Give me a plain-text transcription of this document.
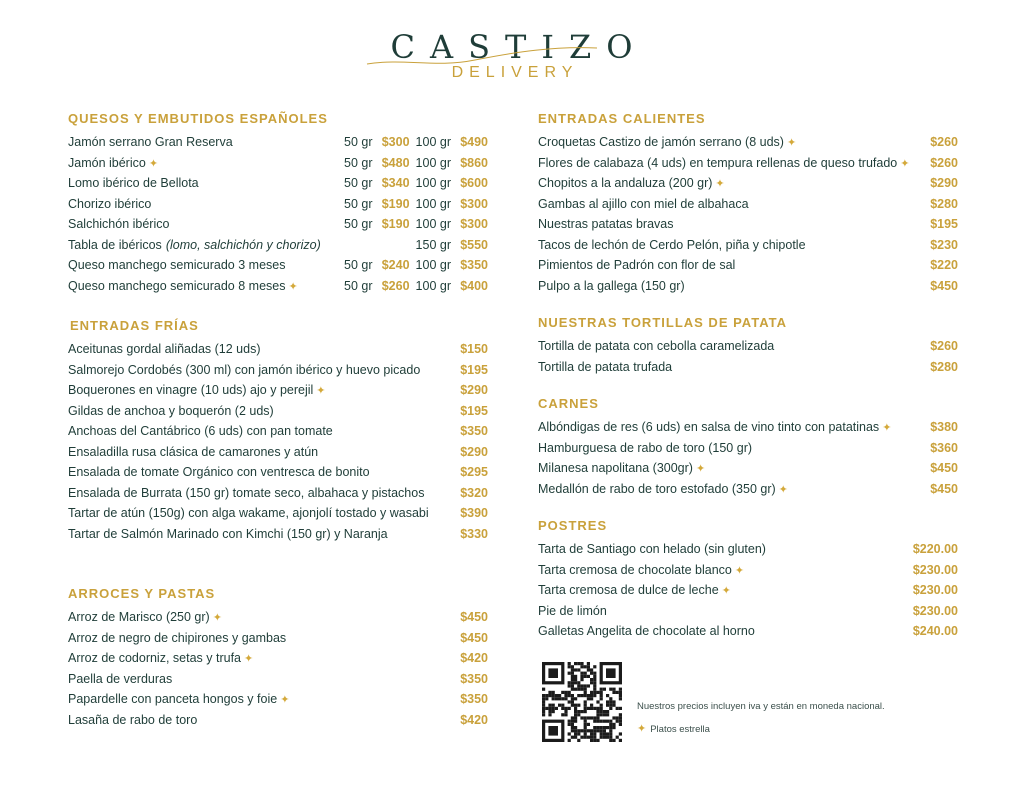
CASTIZO
DELIVERY
QUESOS Y EMBUTIDOS ESPAÑOLES
Jamón serrano Gran Reserva	50 gr $300 100 gr $490
Jamón ibérico ✦	50 gr $480 100 gr $860
Lomo ibérico de Bellota	50 gr $340 100 gr $600
Chorizo ibérico	50 gr $190 100 gr $300
Salchichón ibérico	50 gr $190 100 gr $300
Tabla de ibéricos (lomo, salchichón y chorizo)	150 gr $550
Queso manchego semicurado 3 meses	50 gr $240 100 gr $350
Queso manchego semicurado 8 meses ✦	50 gr $260 100 gr $400
ENTRADAS FRÍAS
Aceitunas gordal aliñadas (12 uds)	$150
Salmorejo Cordobés (300 ml) con jamón ibérico y huevo picado	$195
Boquerones en vinagre (10 uds) ajo y perejil ✦	$290
Gildas de anchoa y boquerón (2 uds)	$195
Anchoas del Cantábrico (6 uds) con pan tomate	$350
Ensaladilla rusa clásica de camarones y atún	$290
Ensalada de tomate Orgánico con ventresca de bonito	$295
Ensalada de Burrata (150 gr) tomate seco, albahaca y pistachos	$320
Tartar de atún (150g) con alga wakame, ajonjolí tostado y wasabi	$390
Tartar de Salmón Marinado con Kimchi (150 gr) y Naranja	$330
ARROCES Y PASTAS
Arroz de Marisco (250 gr) ✦	$450
Arroz de negro de chipirones y gambas	$450
Arroz de codorniz, setas y trufa ✦	$420
Paella de verduras	$350
Papardelle con panceta hongos y foie ✦	$350
Lasaña de rabo de toro	$420
ENTRADAS CALIENTES
Croquetas Castizo de jamón serrano (8 uds) ✦	$260
Flores de calabaza (4 uds) en tempura rellenas de queso trufado ✦	$260
Chopitos a la andaluza (200 gr) ✦	$290
Gambas al ajillo con miel de albahaca	$280
Nuestras patatas bravas	$195
Tacos de lechón de Cerdo Pelón, piña y chipotle	$230
Pimientos de Padrón con flor de sal	$220
Pulpo a la gallega (150 gr)	$450
NUESTRAS TORTILLAS DE PATATA
Tortilla de patata con cebolla caramelizada	$260
Tortilla de patata trufada	$280
CARNES
Albóndigas de res (6 uds) en salsa de vino tinto con patatinas ✦	$380
Hamburguesa de rabo de toro (150 gr)	$360
Milanesa napolitana (300gr) ✦	$450
Medallón de rabo de toro estofado (350 gr) ✦	$450
POSTRES
Tarta de Santiago con helado (sin gluten)	$220.00
Tarta cremosa de chocolate blanco ✦	$230.00
Tarta cremosa de dulce de leche ✦	$230.00
Pie de limón	$230.00
Galletas Angelita de chocolate al horno	$240.00
Nuestros precios incluyen iva y están en moneda nacional.
✦ Platos estrella
